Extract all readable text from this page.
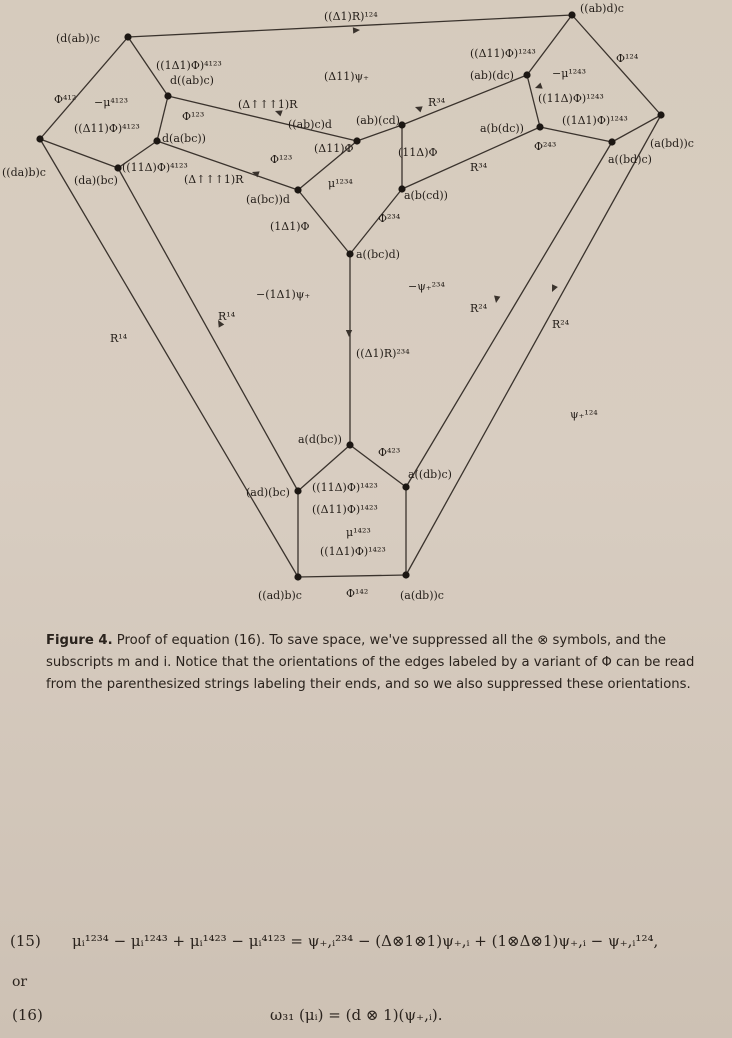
(d(ab))c
((ab)d)c
d((ab)c)	(ab)(dc)
d(a(bc))
((ab)c)d (ab)(cd)
a(b(dc))
((da)b)c
(da)(bc)
(a(bc))d	a(b(cd))
a((bd)c)
(a(bd))c
a((bc)d)
a(d(bc))
(ad)(bc)
a((db)c)
((ad)b)c	(a(db))c
((Δ1)R)¹²⁴
((1Δ1)Φ)⁴¹²³
(Δ11)ψ₊
((Δ11)Φ)¹²⁴³	Φ¹²⁴
Φ⁴¹² −μ⁴¹²³
Φ¹²³
(Δ↑↑↑1)R	R³⁴
−μ¹²⁴³
((11Δ)Φ)¹²⁴³
((1Δ1)Φ)¹²⁴³
((Δ11)Φ)⁴¹²³
((11Δ)Φ)⁴¹²³
(Δ↑↑↑1)R
Φ¹²³
(Δ11)Φ	(11Δ)Φ
R³⁴
Φ²⁴³
μ¹²³⁴
(1Δ1)Φ
Φ²³⁴
−(1Δ1)ψ₊
−ψ₊²³⁴
R¹⁴
R¹⁴
R²⁴
R²⁴
((Δ1)R)²³⁴
ψ₊¹²⁴
Φ⁴²³
((11Δ)Φ)¹⁴²³
((Δ11)Φ)¹⁴²³
μ¹⁴²³
((1Δ1)Φ)¹⁴²³
Φ¹⁴²
Figure 4. Proof of equation (16). To save space, we've suppressed all the ⊗ symbols, and the subscripts m and i. Notice that the orientations of the edges labeled by a variant of Φ can be read from the parenthesized strings labeling their ends, and so we also suppressed these orientations.
(15) μᵢ¹²³⁴ − μᵢ¹²⁴³ + μᵢ¹⁴²³ − μᵢ⁴¹²³ = ψ₊,ᵢ²³⁴ − (Δ⊗1⊗1)ψ₊,ᵢ + (1⊗Δ⊗1)ψ₊,ᵢ − ψ₊,ᵢ¹²⁴,
or
(16)	ω₃₁ (μᵢ) = (d ⊗ 1)(ψ₊,ᵢ).
